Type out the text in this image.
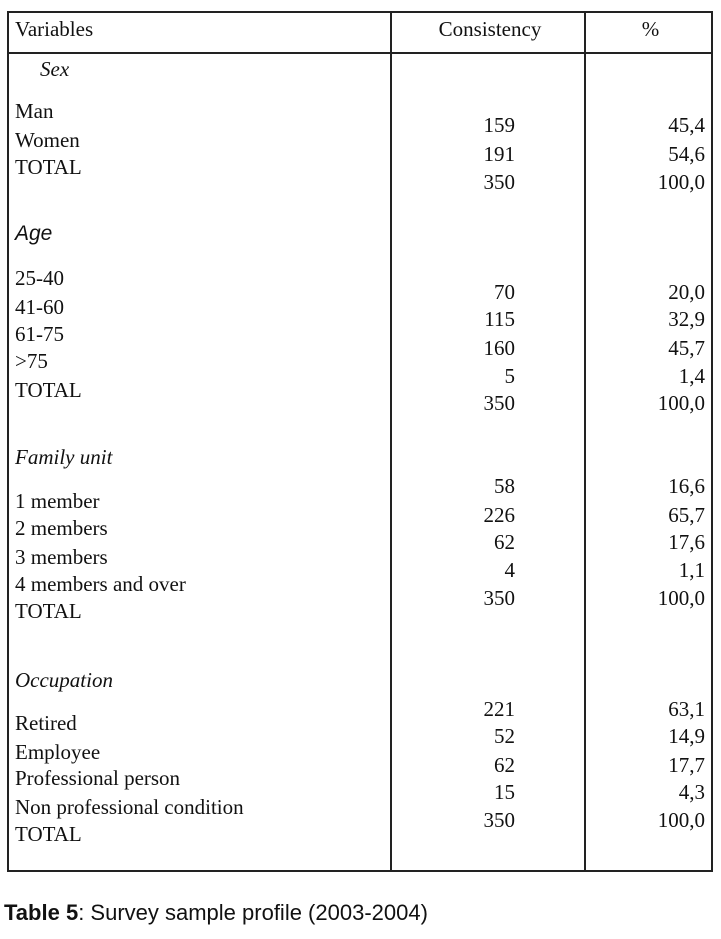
Variables	Consistency	%
Sex
Man
Women
TOTAL
159
191
350
45,4
54,6
100,0
Age
25-40
41-60
61-75
>75
TOTAL
70
115
160
5
350
20,0
32,9
45,7
1,4
100,0
Family unit
1 member
2 members
3 members
4 members and over
TOTAL
58
226
62
4
350
16,6
65,7
17,6
1,1
100,0
Occupation
Retired
Employee
Professional person
Non professional condition
TOTAL
221
52
62
15
350
63,1
14,9
17,7
4,3
100,0
Table 5: Survey sample profile (2003-2004)
